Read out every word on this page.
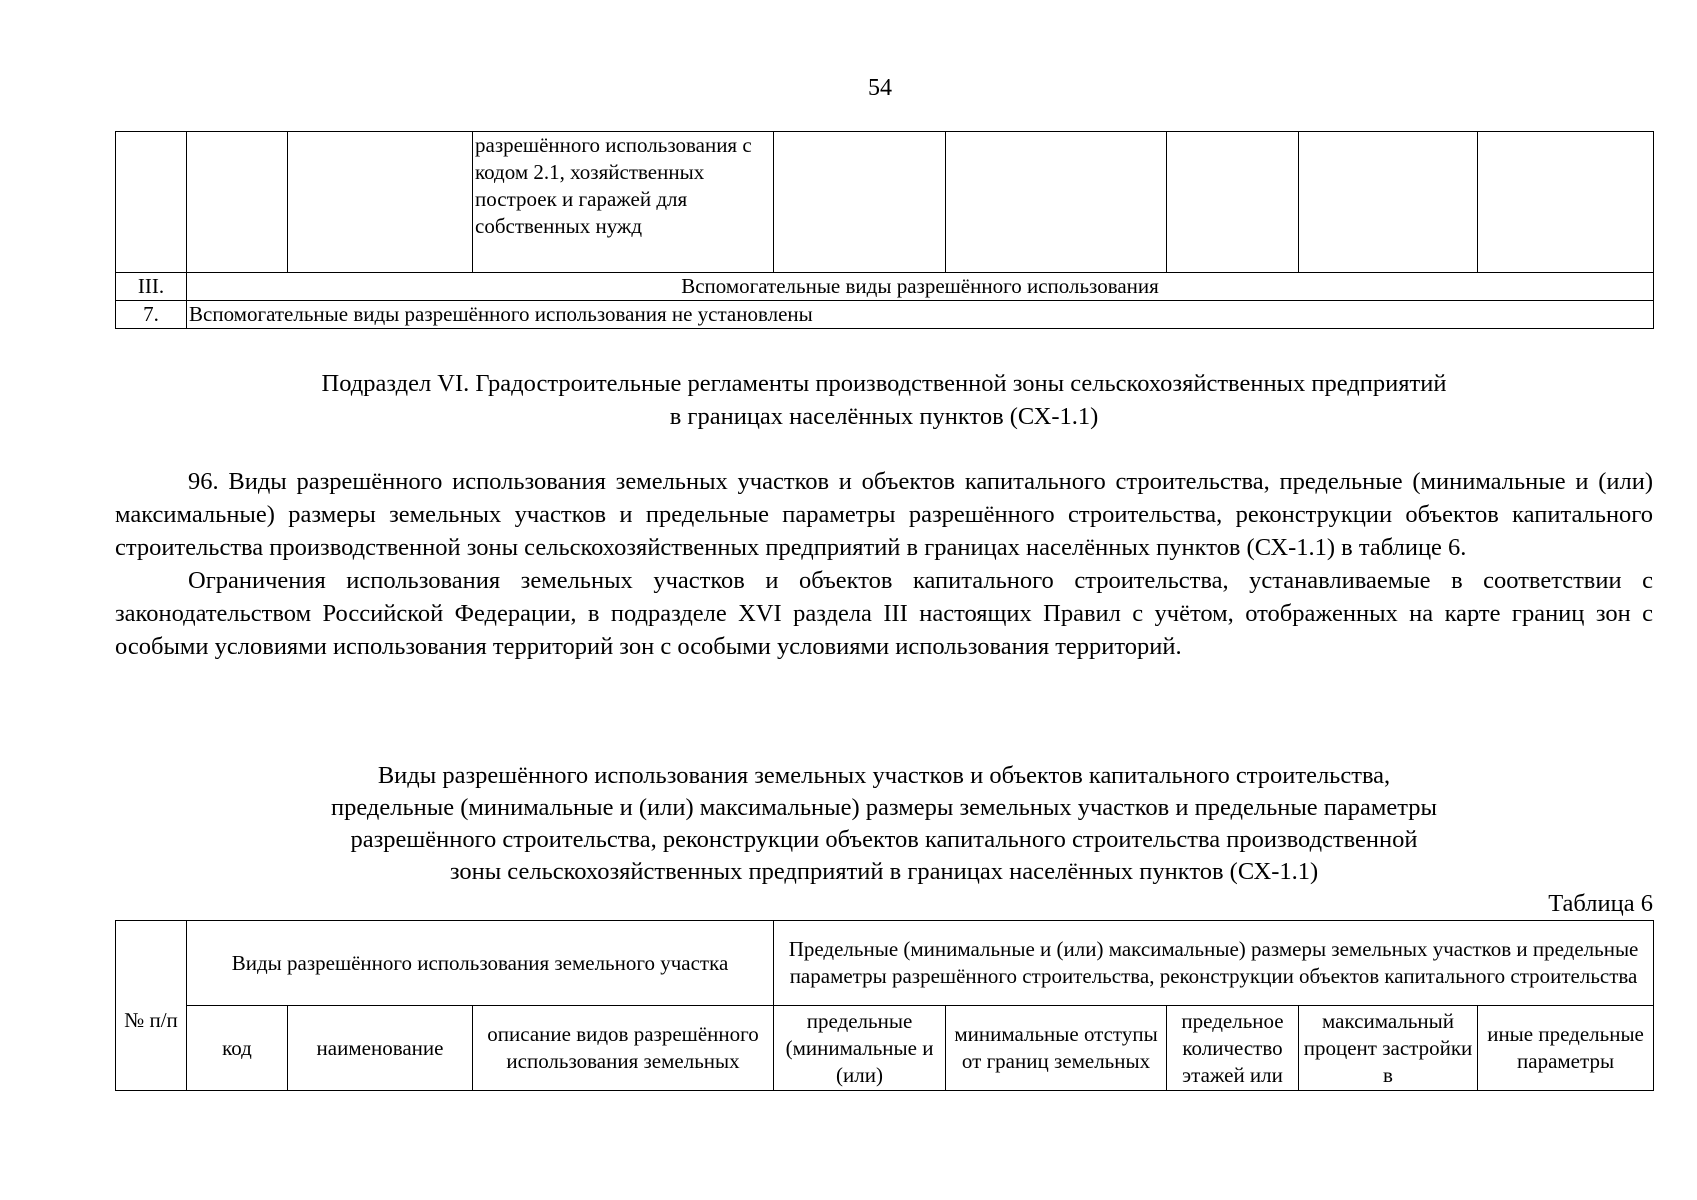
54
			разрешённого использования с кодом 2.1, хозяйственных построек и гаражей для собственных нужд					
III.	Вспомогательные виды разрешённого использования							
7.	Вспомогательные виды разрешённого использования не установлены							
Подраздел VI. Градостроительные регламенты производственной зоны сельскохозяйственных предприятий
в границах населённых пунктов (СХ-1.1)

96. Виды разрешённого использования земельных участков и объектов капитального строительства, предельные (минимальные и (или) максимальные) размеры земельных участков и предельные параметры разрешённого строительства, реконструкции объектов капитального строительства производственной зоны сельскохозяйственных предприятий в границах населённых пунктов (СХ-1.1) в таблице 6.

Ограничения использования земельных участков и объектов капитального строительства, устанавливаемые в соответствии с законодательством Российской Федерации, в подразделе XVI раздела III настоящих Правил с учётом, отображенных на карте границ зон с особыми условиями использования территорий зон с особыми условиями использования территорий.

Виды разрешённого использования земельных участков и объектов капитального строительства,
предельные (минимальные и (или) максимальные) размеры земельных участков и предельные параметры
разрешённого строительства, реконструкции объектов капитального строительства производственной
зоны сельскохозяйственных предприятий в границах населённых пунктов (СХ-1.1)
Таблица 6
№ п/п	Виды разрешённого использования земельного участка			Предельные (минимальные и (или) максимальные) размеры земельных участков и предельные параметры разрешённого строительства, реконструкции объектов капитального строительства				
	код	наименование	описание видов разрешённого использования земельных	предельные (минимальные и (или)	минимальные отступы от границ земельных	предельное количество этажей или	максимальный процент застройки в	иные предельные параметры
